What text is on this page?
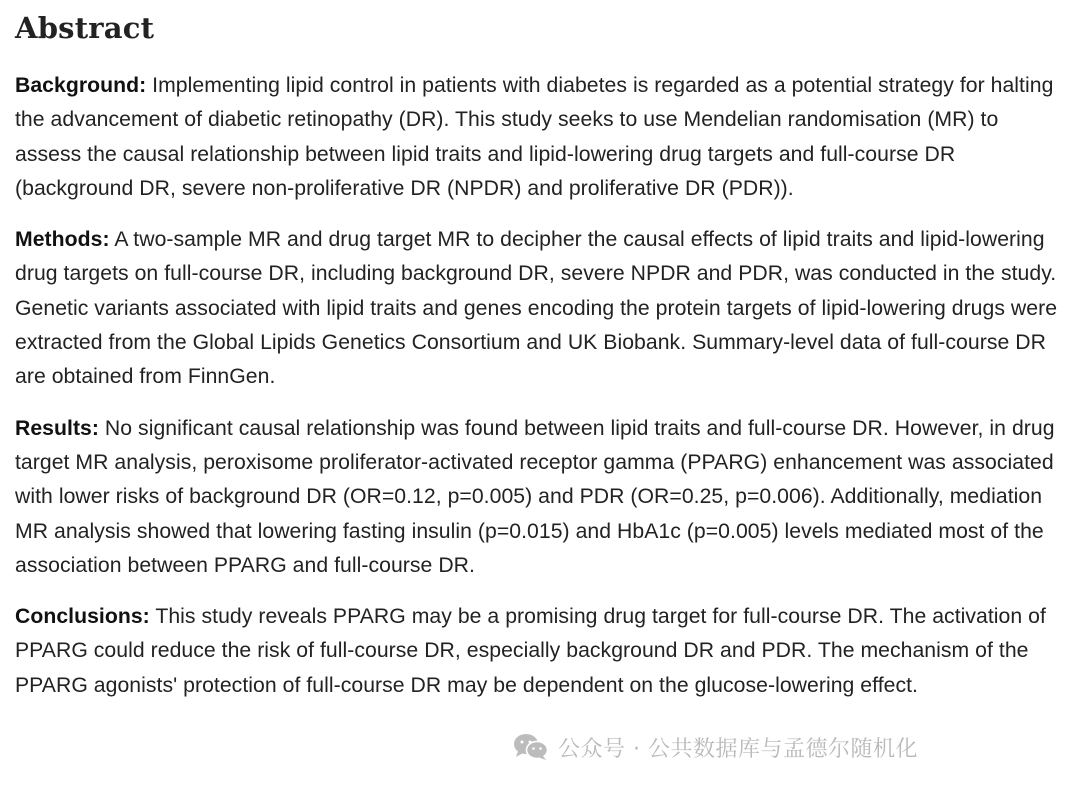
Abstract

Background: Implementing lipid control in patients with diabetes is regarded as a potential strategy for halting the advancement of diabetic retinopathy (DR). This study seeks to use Mendelian randomisation (MR) to assess the causal relationship between lipid traits and lipid-lowering drug targets and full-course DR (background DR, severe non-proliferative DR (NPDR) and proliferative DR (PDR)).

Methods: A two-sample MR and drug target MR to decipher the causal effects of lipid traits and lipid-lowering drug targets on full-course DR, including background DR, severe NPDR and PDR, was conducted in the study. Genetic variants associated with lipid traits and genes encoding the protein targets of lipid-lowering drugs were extracted from the Global Lipids Genetics Consortium and UK Biobank. Summary-level data of full-course DR are obtained from FinnGen.

Results: No significant causal relationship was found between lipid traits and full-course DR. However, in drug target MR analysis, peroxisome proliferator-activated receptor gamma (PPARG) enhancement was associated with lower risks of background DR (OR=0.12, p=0.005) and PDR (OR=0.25, p=0.006). Additionally, mediation MR analysis showed that lowering fasting insulin (p=0.015) and HbA1c (p=0.005) levels mediated most of the association between PPARG and full-course DR.

Conclusions: This study reveals PPARG may be a promising drug target for full-course DR. The activation of PPARG could reduce the risk of full-course DR, especially background DR and PDR. The mechanism of the PPARG agonists' protection of full-course DR may be dependent on the glucose-lowering effect.

公众号 · 公共数据库与孟德尔随机化
